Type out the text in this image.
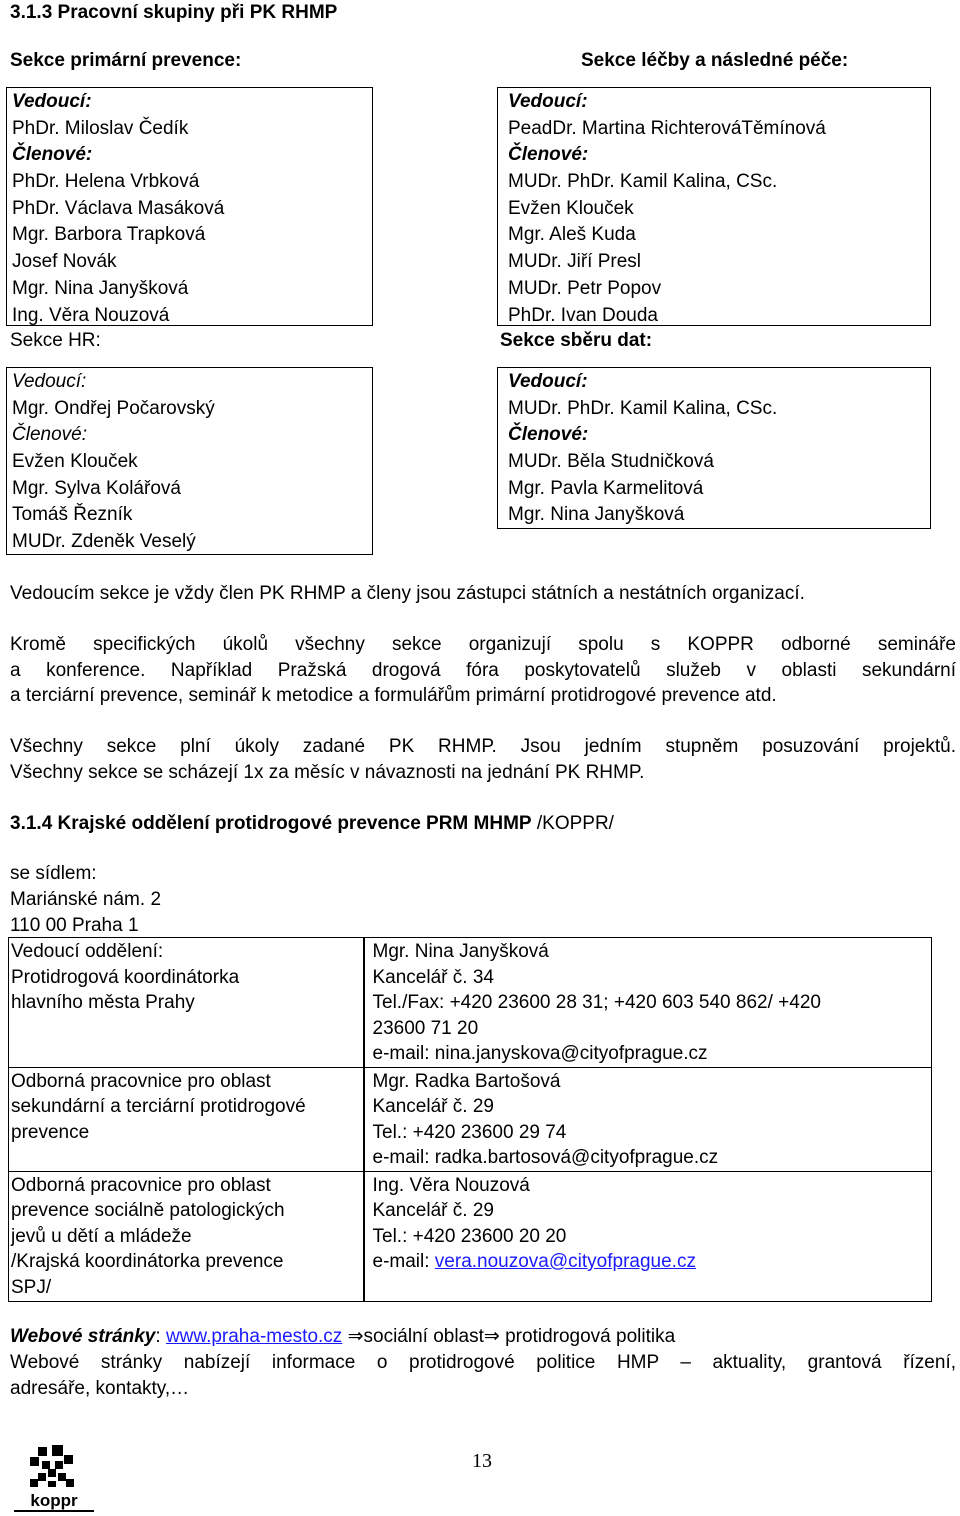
3.1.3 Pracovní skupiny při PK RHMP
Sekce primární prevence:
Vedoucí:
PhDr. Miloslav Čedík
Členové:
PhDr. Helena Vrbková
PhDr. Václava Masáková
Mgr. Barbora Trapková
Josef Novák
Mgr. Nina Janyšková
Ing. Věra Nouzová
Sekce HR:
Vedoucí:
Mgr. Ondřej Počarovský
Členové:
Evžen Klouček
Mgr. Sylva Kolářová
Tomáš Řezník
MUDr. Zdeněk Veselý
Sekce léčby a následné péče:
Vedoucí:
PeadDr. Martina RichterováTěmínová
Členové:
MUDr. PhDr. Kamil Kalina, CSc.
Evžen Klouček
Mgr. Aleš Kuda
MUDr. Jiří Presl
MUDr. Petr Popov
PhDr. Ivan Douda
Sekce sběru dat:
Vedoucí:
MUDr. PhDr. Kamil Kalina, CSc.
Členové:
MUDr. Běla Studničková
Mgr. Pavla Karmelitová
Mgr. Nina Janyšková
Vedoucím sekce je vždy člen PK RHMP a členy jsou zástupci státních a nestátních organizací.
Kromě specifických úkolů všechny sekce organizují spolu s KOPPR odborné semináře
a konference. Například Pražská drogová fóra poskytovatelů služeb v oblasti sekundární
a terciární prevence, seminář k metodice a formulářům primární protidrogové prevence atd.
Všechny sekce plní úkoly zadané PK RHMP. Jsou jedním stupněm posuzování projektů.
Všechny sekce se scházejí 1x za měsíc v návaznosti na jednání PK RHMP.
3.1.4 Krajské oddělení protidrogové prevence PRM MHMP /KOPPR/
se sídlem:
Mariánské nám. 2
110 00 Praha 1
Vedoucí oddělení:
Protidrogová koordinátorka
hlavního města Prahy	Mgr. Nina Janyšková
Kancelář č. 34
Tel./Fax: +420 23600 28 31; +420 603 540 862/ +420
23600 71 20
e-mail: nina.janyskova@cityofprague.cz

Odborná pracovnice pro oblast
sekundární a terciární protidrogové
prevence	Mgr. Radka Bartošová
Kancelář č. 29
Tel.: +420 23600 29 74
e-mail: radka.bartosová@cityofprague.cz

Odborná pracovnice pro oblast
prevence sociálně patologických
jevů u dětí a mládeže
/Krajská koordinátorka prevence
SPJ/	Ing. Věra Nouzová
Kancelář č. 29
Tel.: +420 23600 20 20
e-mail: vera.nouzova@cityofprague.cz
Webové stránky: www.praha-mesto.cz ⇒sociální oblast⇒ protidrogová politika
Webové stránky nabízejí informace o protidrogové politice HMP – aktuality, grantová řízení,
adresáře, kontakty,…
13
koppr
